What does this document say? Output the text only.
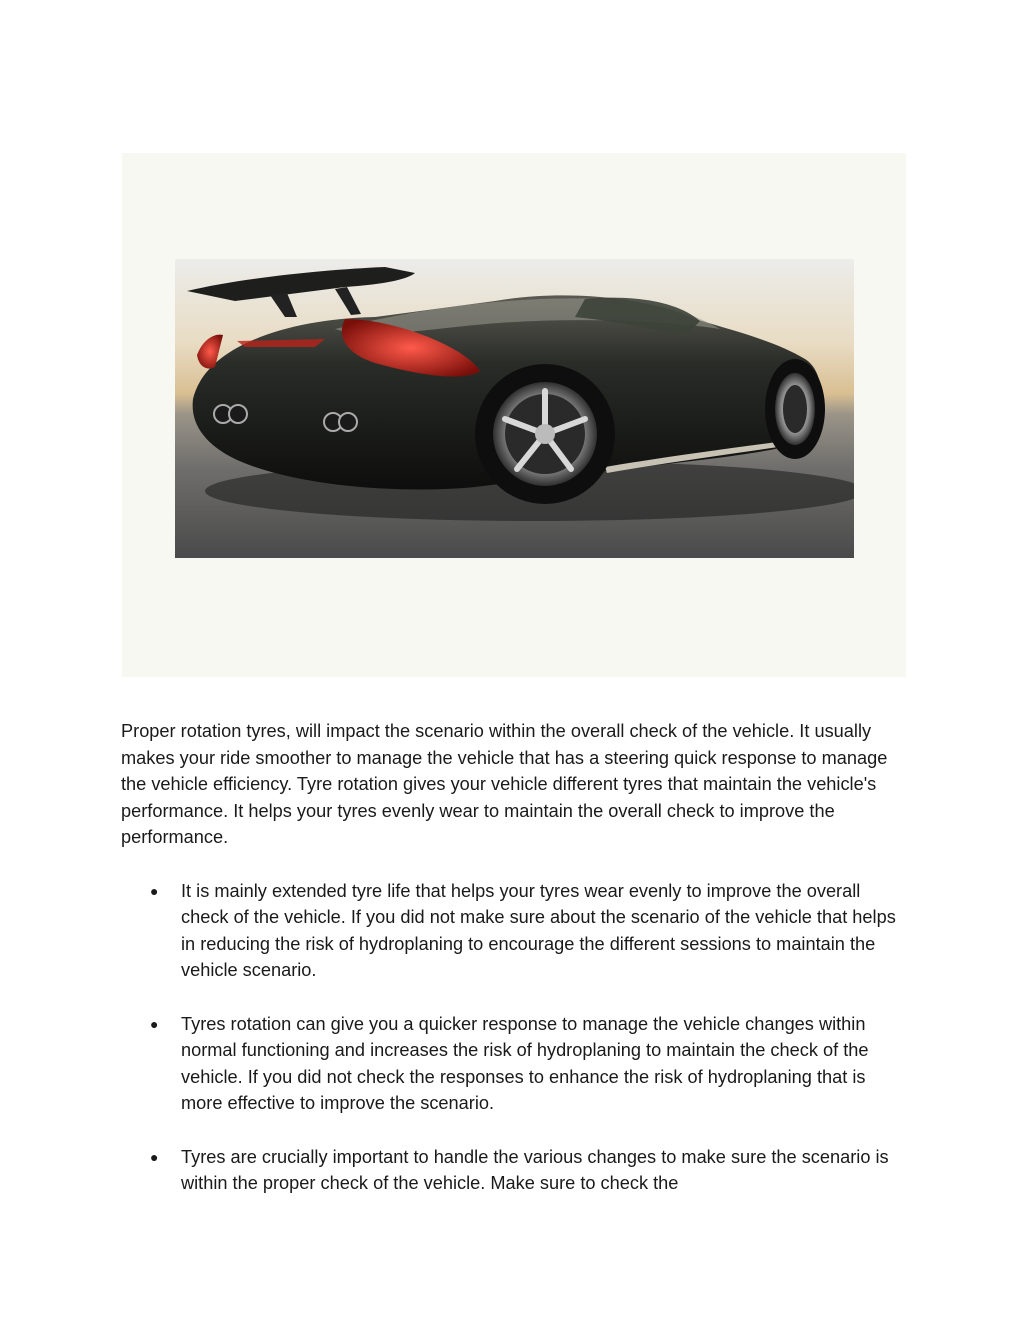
Proper rotation tyres, will impact the scenario within the overall check of the vehicle. It usually makes your ride smoother to manage the vehicle that has a steering quick response to manage the vehicle efficiency. Tyre rotation gives your vehicle different tyres that maintain the vehicle's performance. It helps your tyres evenly wear to maintain the overall check to improve the performance.

● It is mainly extended tyre life that helps your tyres wear evenly to improve the overall check of the vehicle. If you did not make sure about the scenario of the vehicle that helps in reducing the risk of hydroplaning to encourage the different sessions to maintain the vehicle scenario.
● Tyres rotation can give you a quicker response to manage the vehicle changes within normal functioning and increases the risk of hydroplaning to maintain the check of the vehicle. If you did not check the responses to enhance the risk of hydroplaning that is more effective to improve the scenario.
● Tyres are crucially important to handle the various changes to make sure the scenario is within the proper check of the vehicle. Make sure to check the
